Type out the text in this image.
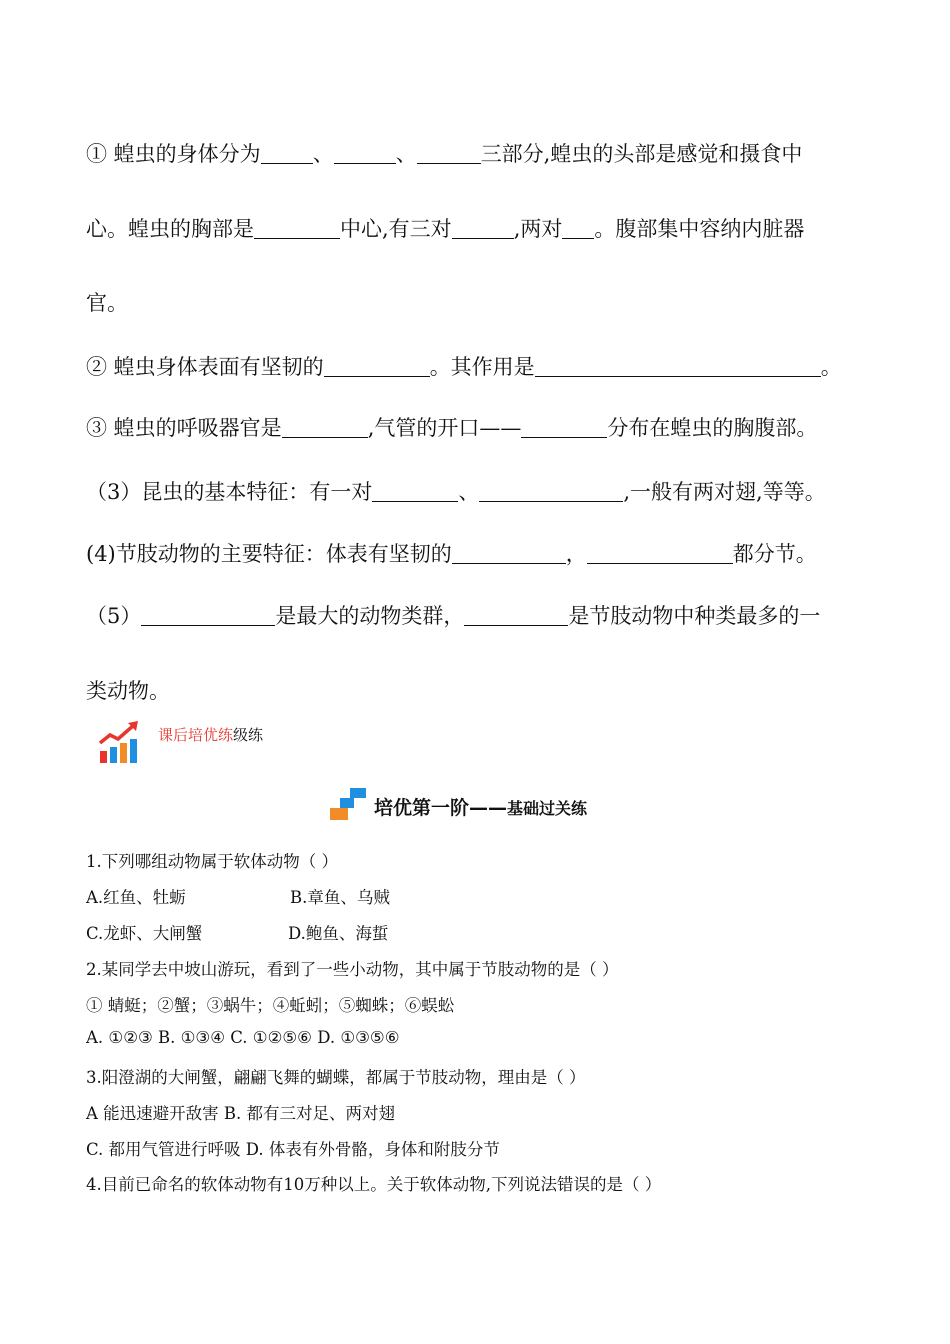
① 蝗虫的身体分为 、	、	三部分,蝗虫的头部是感觉和摄食中
心。蝗虫的胸部是	中心,有三对	,两对 。腹部集中容纳内脏器
官。
② 蝗虫身体表面有坚韧的	。其作用是	。
③ 蝗虫的呼吸器官是	,气管的开口——	分布在蝗虫的胸腹部。
（3）昆虫的基本特征：有一对	、	,一般有两对翅,等等。
(4)节肢动物的主要特征：体表有坚韧的	，	都分节。
（5）	是最大的动物类群，	是节肢动物中种类最多的一
类动物。
课后培优练级练
培优第一阶——基础过关练
1.下列哪组动物属于软体动物（ ）
A.红鱼、牡蛎	B.章鱼、乌贼
C.龙虾、大闸蟹	D.鲍鱼、海蜇
2.某同学去中坡山游玩，看到了一些小动物，其中属于节肢动物的是（ ）
① 蜻蜓；②蟹；③蜗牛；④蚯蚓；⑤蜘蛛；⑥蜈蚣
A. ①②③ B. ①③④ C. ①②⑤⑥ D. ①③⑤⑥
3.阳澄湖的大闸蟹，翩翩飞舞的蝴蝶，都属于节肢动物，理由是（ ）
A 能迅速避开敌害 B. 都有三对足、两对翅
C. 都用气管进行呼吸 D. 体表有外骨骼，身体和附肢分节
4.目前已命名的软体动物有10万种以上。关于软体动物,下列说法错误的是（ ）
